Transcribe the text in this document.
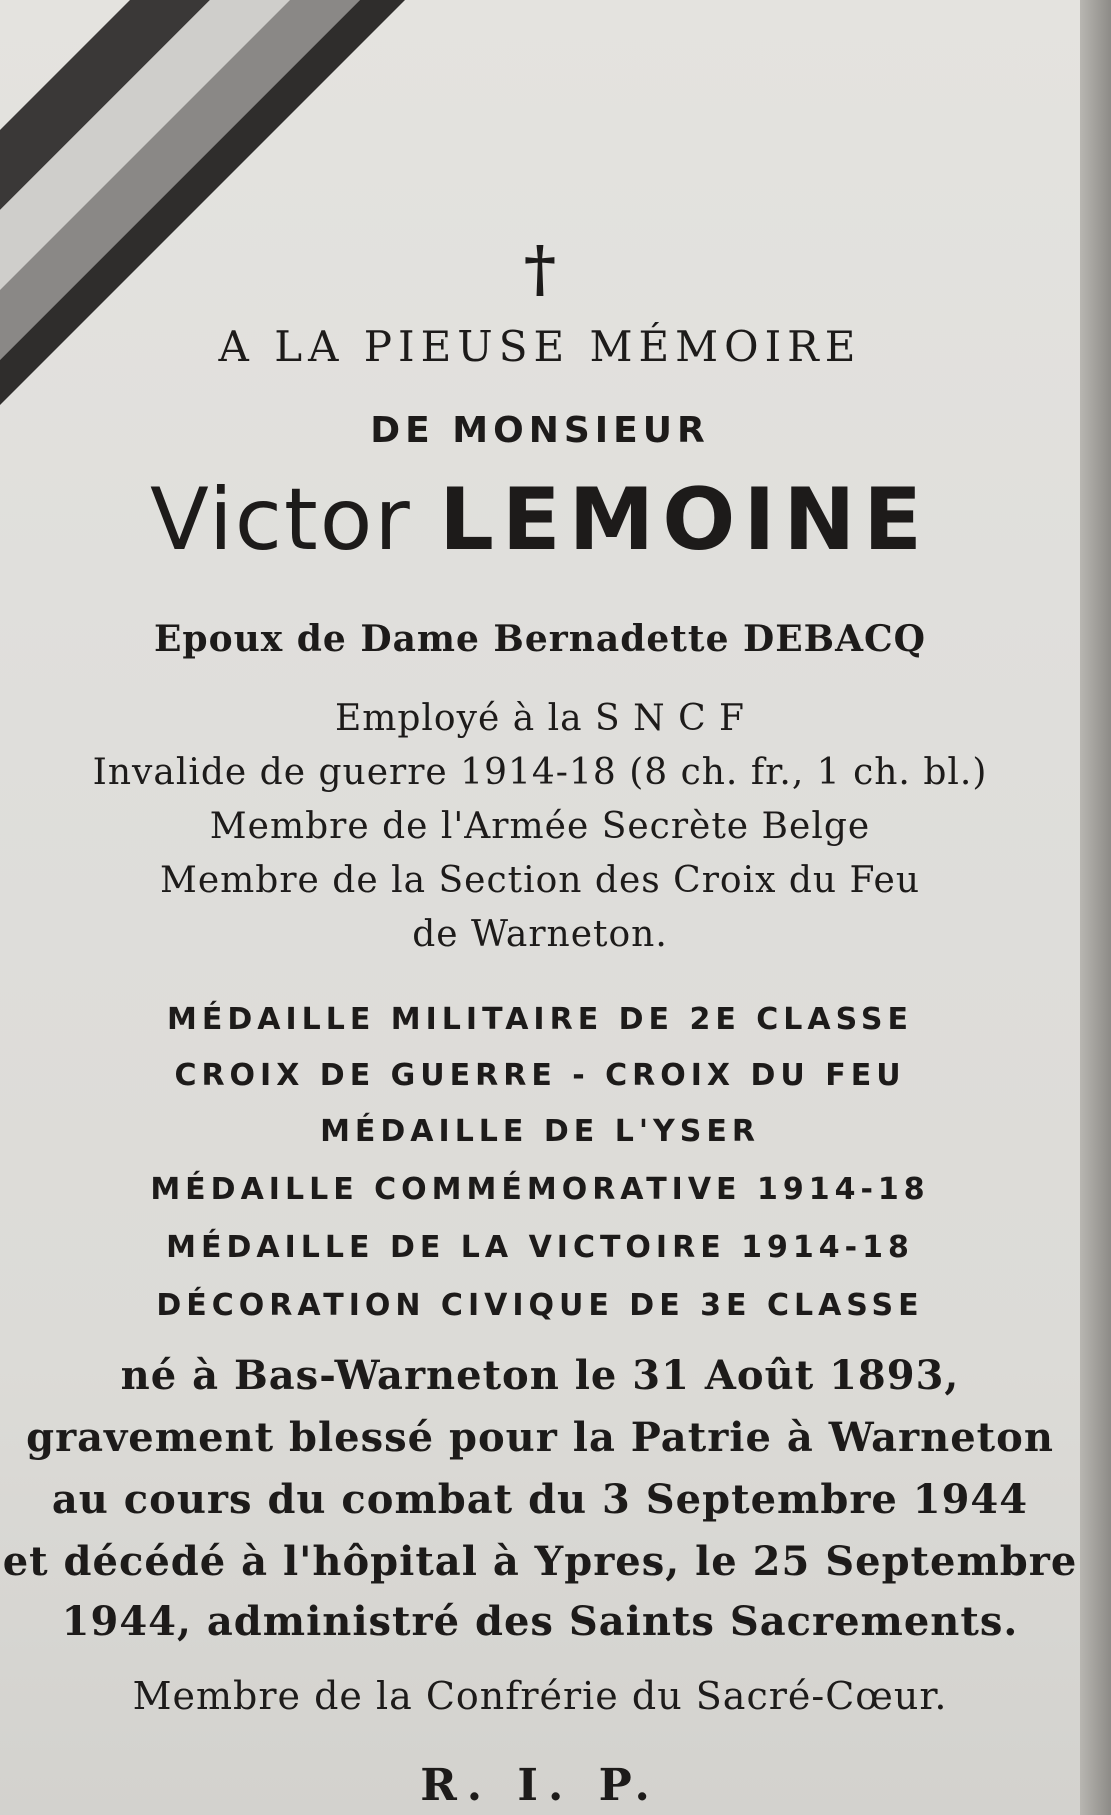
†
A LA PIEUSE MÉMOIRE
DE MONSIEUR
Victor LEMOINE
Epoux de Dame Bernadette DEBACQ
Employé à la S N C F
Invalide de guerre 1914-18 (8 ch. fr., 1 ch. bl.)
Membre de l'Armée Secrète Belge
Membre de la Section des Croix du Feu
de Warneton.
MÉDAILLE MILITAIRE DE 2E CLASSE
CROIX DE GUERRE - CROIX DU FEU
MÉDAILLE DE L'YSER
MÉDAILLE COMMÉMORATIVE 1914-18
MÉDAILLE DE LA VICTOIRE 1914-18
DÉCORATION CIVIQUE DE 3E CLASSE
né à Bas-Warneton le 31 Août 1893,
gravement blessé pour la Patrie à Warneton
au cours du combat du 3 Septembre 1944
et décédé à l'hôpital à Ypres, le 25 Septembre
1944, administré des Saints Sacrements.
Membre de la Confrérie du Sacré-Cœur.
R. I. P.
